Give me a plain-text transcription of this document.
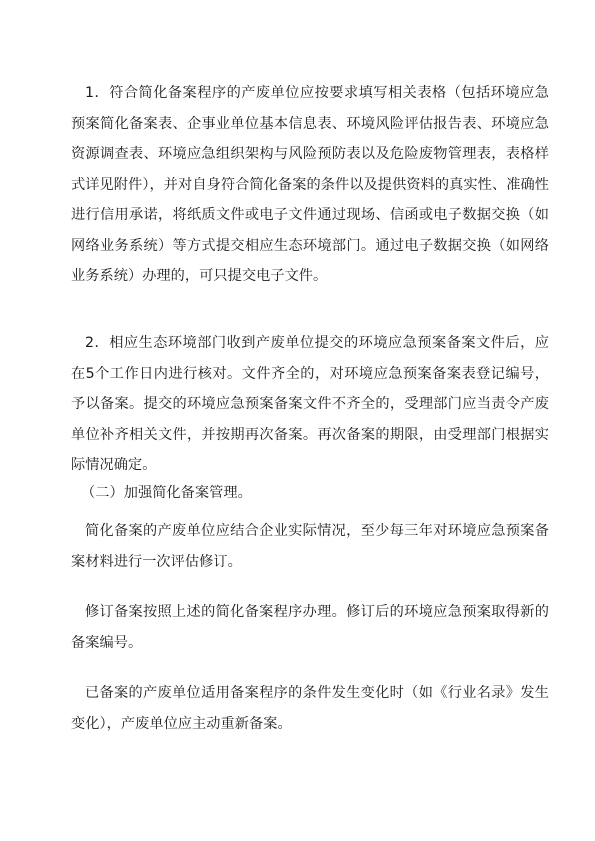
1．符合简化备案程序的产废单位应按要求填写相关表格（包括环境应急预案简化备案表、企事业单位基本信息表、环境风险评估报告表、环境应急资源调查表、环境应急组织架构与风险预防表以及危险废物管理表，表格样式详见附件），并对自身符合简化备案的条件以及提供资料的真实性、准确性进行信用承诺，将纸质文件或电子文件通过现场、信函或电子数据交换（如网络业务系统）等方式提交相应生态环境部门。通过电子数据交换（如网络业务系统）办理的，可只提交电子文件。

2．相应生态环境部门收到产废单位提交的环境应急预案备案文件后，应在5个工作日内进行核对。文件齐全的，对环境应急预案备案表登记编号，予以备案。提交的环境应急预案备案文件不齐全的，受理部门应当责令产废单位补齐相关文件，并按期再次备案。再次备案的期限，由受理部门根据实际情况确定。

（二）加强简化备案管理。

简化备案的产废单位应结合企业实际情况，至少每三年对环境应急预案备案材料进行一次评估修订。

修订备案按照上述的简化备案程序办理。修订后的环境应急预案取得新的备案编号。

已备案的产废单位适用备案程序的条件发生变化时（如《行业名录》发生变化），产废单位应主动重新备案。
